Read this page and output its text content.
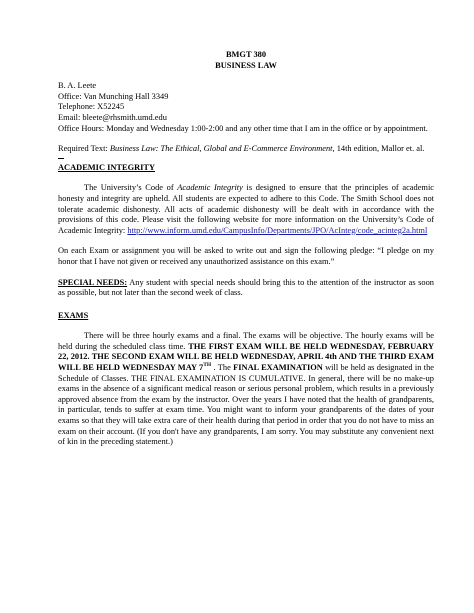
BMGT 380
BUSINESS LAW
B. A. Leete
Office: Van Munching Hall 3349
Telephone: X52245
Email: bleete@rhsmith.umd.edu
Office Hours: Monday and Wednesday 1:00-2:00 and any other time that I am in the office or by appointment.
Required Text: Business Law: The Ethical, Global and E-Commerce Environment, 14th edition, Mallor et. al.
ACADEMIC INTEGRITY

The University’s Code of Academic Integrity is designed to ensure that the principles of academic honesty and integrity are upheld. All students are expected to adhere to this Code. The Smith School does not tolerate academic dishonesty. All acts of academic dishonesty will be dealt with in accordance with the provisions of this code. Please visit the following website for more information on the University’s Code of Academic Integrity: http://www.inform.umd.edu/CampusInfo/Departments/JPO/AcInteg/code_acinteg2a.html

On each Exam or assignment you will be asked to write out and sign the following pledge: “I pledge on my honor that I have not given or received any unauthorized assistance on this exam.”

SPECIAL NEEDS: Any student with special needs should bring this to the attention of the instructor as soon as possible, but not later than the second week of class.

EXAMS

There will be three hourly exams and a final. The exams will be objective. The hourly exams will be held during the scheduled class time. THE FIRST EXAM WILL BE HELD WEDNESDAY, FEBRUARY 22, 2012. THE SECOND EXAM WILL BE HELD WEDNESDAY, APRIL 4th AND THE THIRD EXAM WILL BE HELD WEDNESDAY MAY 7TH . The FINAL EXAMINATION will be held as designated in the Schedule of Classes. THE FINAL EXAMINATION IS CUMULATIVE. In general, there will be no make-up exams in the absence of a significant medical reason or serious personal problem, which results in a previously approved absence from the exam by the instructor. Over the years I have noted that the health of grandparents, in particular, tends to suffer at exam time. You might want to inform your grandparents of the dates of your exams so that they will take extra care of their health during that period in order that you do not have to miss an exam on their account. (If you don't have any grandparents, I am sorry. You may substitute any convenient next of kin in the preceding statement.)
